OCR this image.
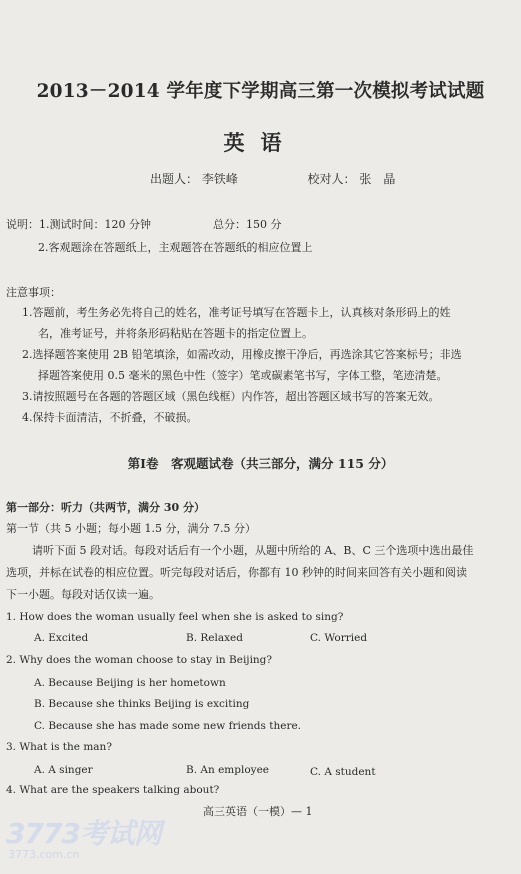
2013－2014 学年度下学期高三第一次模拟考试试题
英语
出题人： 李铁峰	校对人： 张　晶
说明：1.测试时间：120 分钟	总分：150 分
2.客观题涂在答题纸上，主观题答在答题纸的相应位置上
注意事项：
1.答题前，考生务必先将自己的姓名，准考证号填写在答题卡上，认真核对条形码上的姓
名，准考证号，并将条形码粘贴在答题卡的指定位置上。
2.选择题答案使用 2B 铅笔填涂，如需改动，用橡皮擦干净后，再选涂其它答案标号；非选
择题答案使用 0.5 毫米的黑色中性（签字）笔或碳素笔书写，字体工整，笔迹清楚。
3.请按照题号在各题的答题区域（黑色线框）内作答，超出答题区域书写的答案无效。
4.保持卡面清洁，不折叠，不破损。
第Ⅰ卷　客观题试卷（共三部分，满分 115 分）
第一部分：听力（共两节，满分 30 分）
第一节（共 5 小题；每小题 1.5 分，满分 7.5 分）
请听下面 5 段对话。每段对话后有一个小题，从题中所给的 A、B、C 三个选项中选出最佳
选项，并标在试卷的相应位置。听完每段对话后，你都有 10 秒钟的时间来回答有关小题和阅读
下一小题。每段对话仅读一遍。
1. How does the woman usually feel when she is asked to sing?
A. Excited	B. Relaxed	C. Worried
2. Why does the woman choose to stay in Beijing?
A. Because Beijing is her hometown
B. Because she thinks Beijing is exciting
C. Because she has made some new friends there.
3. What is the man?
A. A singer	B. An employee	C. A student
4. What are the speakers talking about?
高三英语（一模）— 1
3773考试网
3773.com.cn
